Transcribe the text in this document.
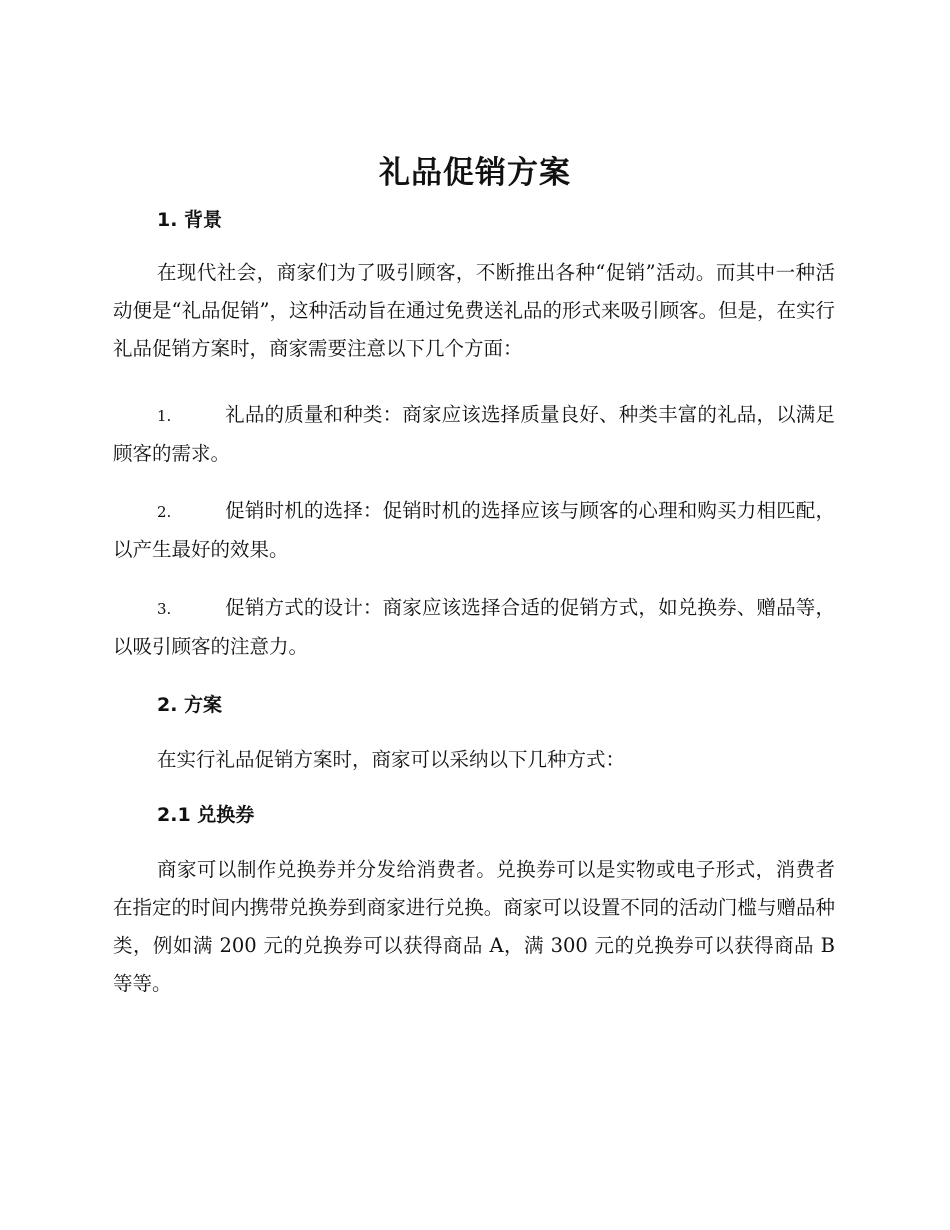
礼品促销方案
1. 背景

在现代社会，商家们为了吸引顾客，不断推出各种“促销”活动。而其中一种活动便是“礼品促销”，这种活动旨在通过免费送礼品的形式来吸引顾客。但是，在实行礼品促销方案时，商家需要注意以下几个方面：

1.	礼品的质量和种类：商家应该选择质量良好、种类丰富的礼品，以满足顾客的需求。

2.	促销时机的选择：促销时机的选择应该与顾客的心理和购买力相匹配，以产生最好的效果。

3.	促销方式的设计：商家应该选择合适的促销方式，如兑换券、赠品等，以吸引顾客的注意力。

2. 方案

在实行礼品促销方案时，商家可以采纳以下几种方式：

2.1 兑换券

商家可以制作兑换券并分发给消费者。兑换券可以是实物或电子形式，消费者在指定的时间内携带兑换券到商家进行兑换。商家可以设置不同的活动门槛与赠品种类，例如满 200 元的兑换券可以获得商品 A，满 300 元的兑换券可以获得商品 B 等等。
